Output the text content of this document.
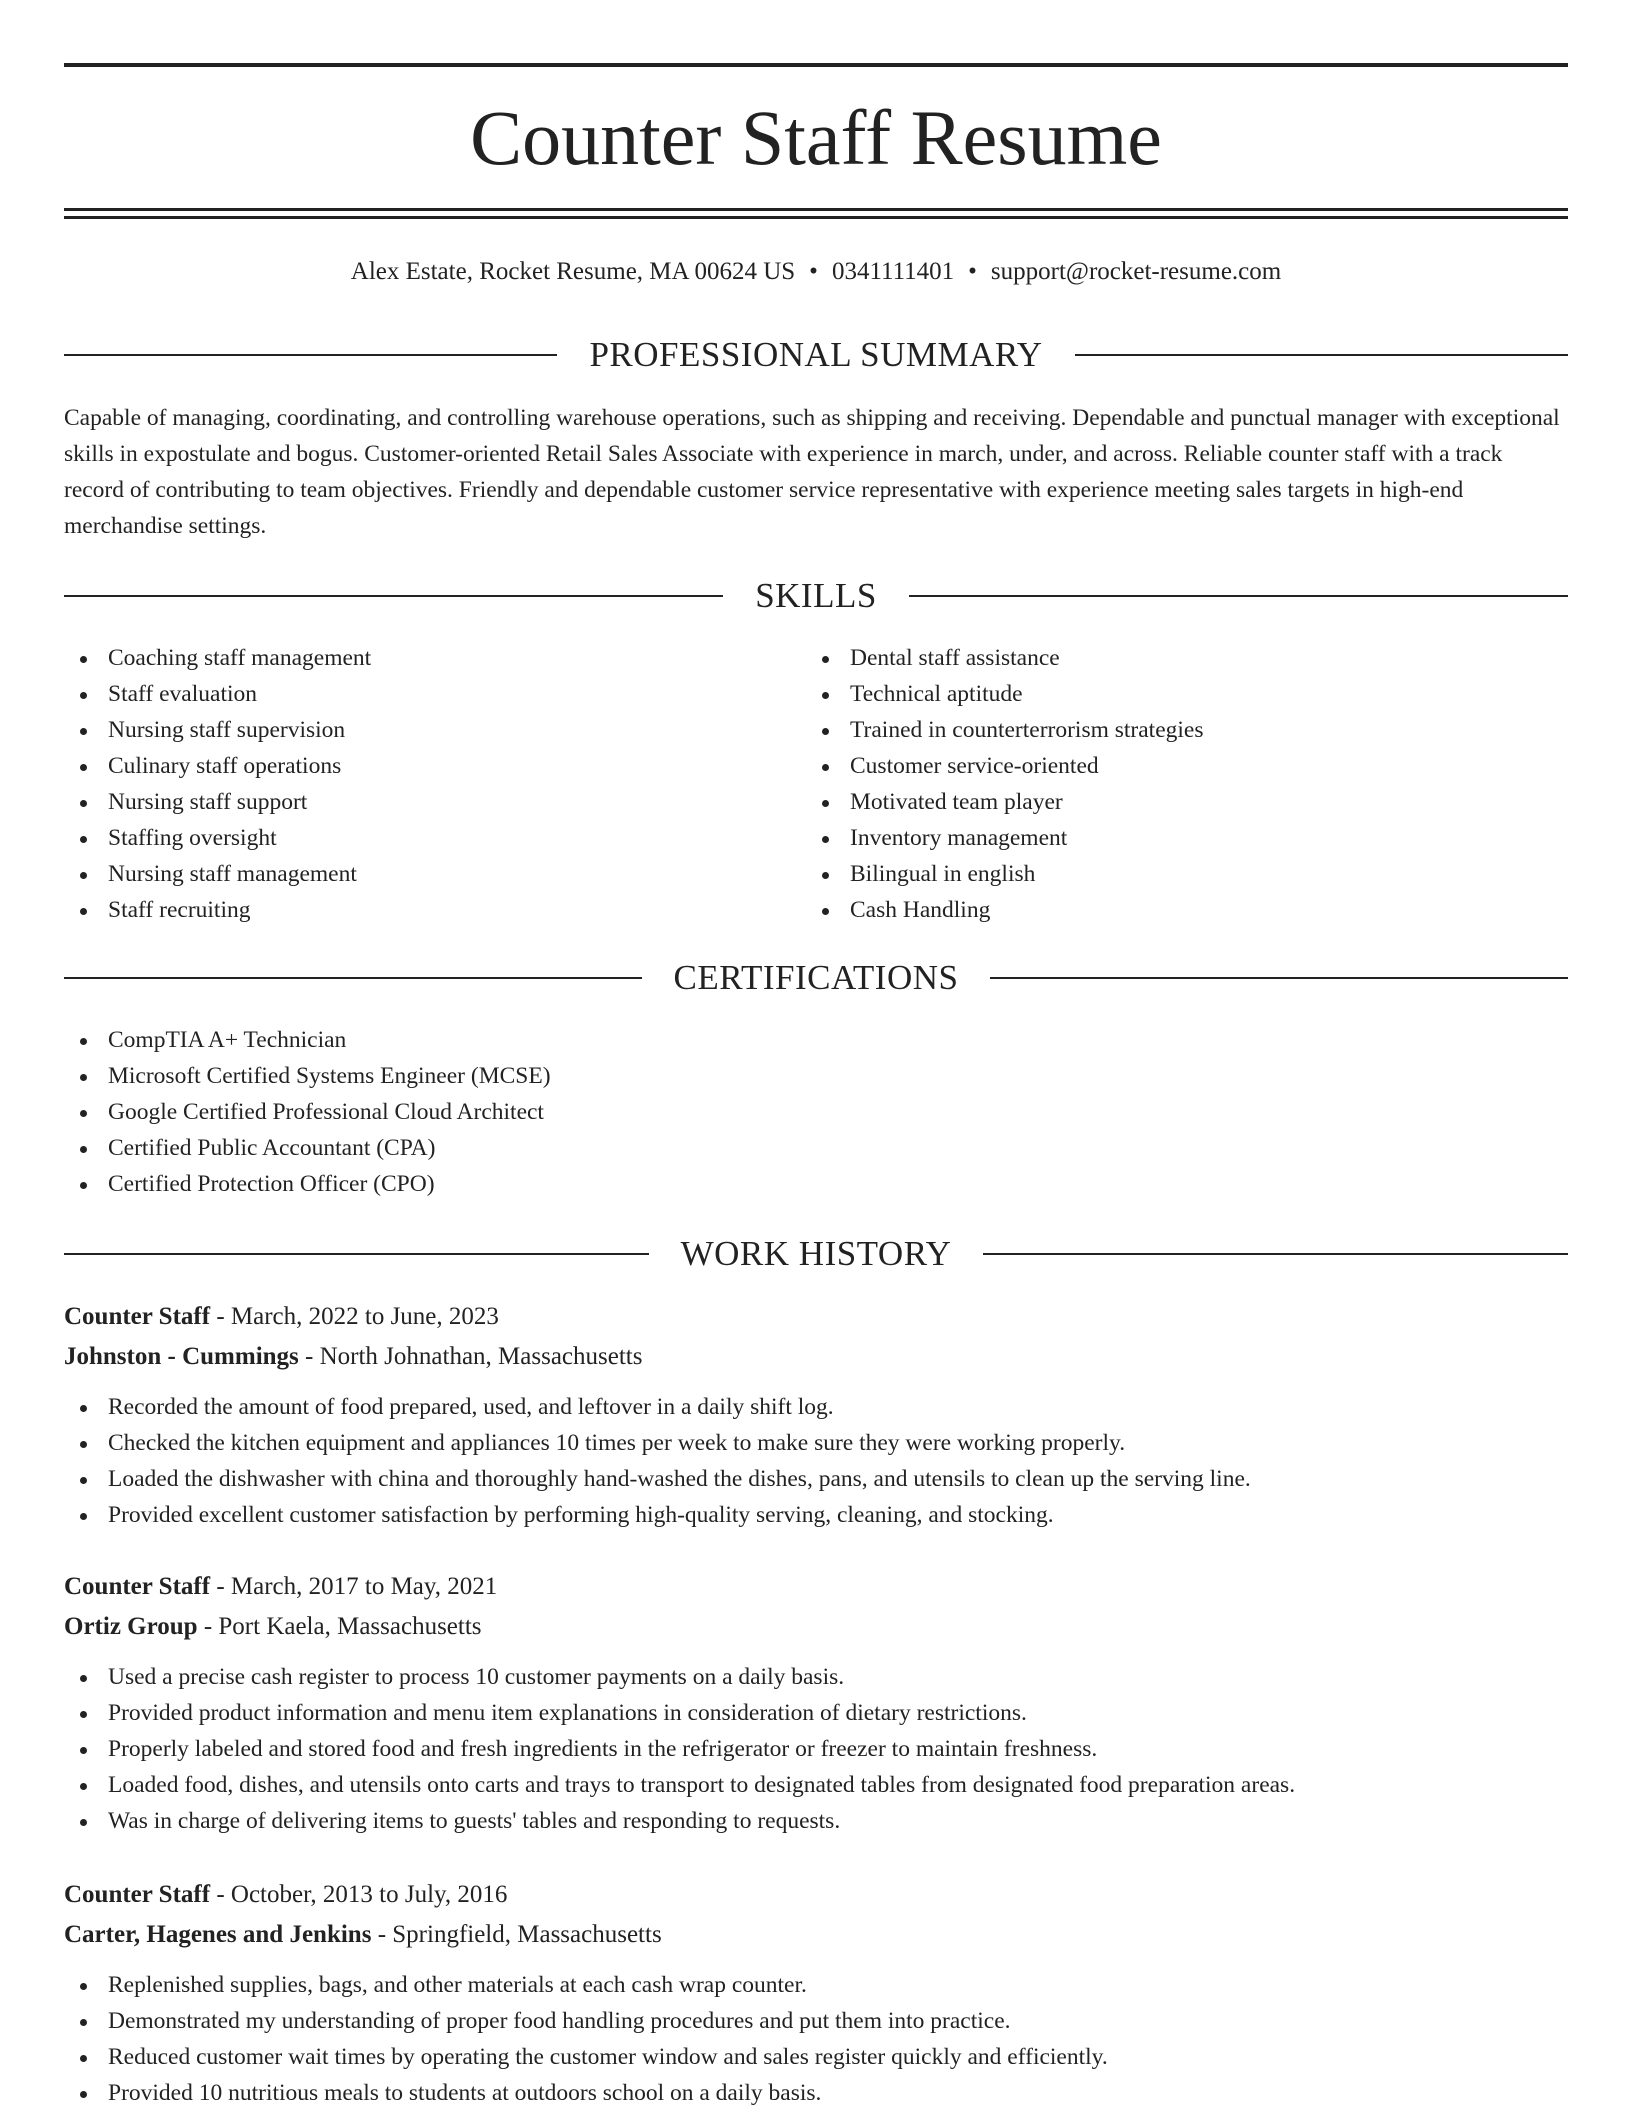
Counter Staff Resume
Alex Estate, Rocket Resume, MA 00624 US • 0341111401 • support@rocket-resume.com
PROFESSIONAL SUMMARY

Capable of managing, coordinating, and controlling warehouse operations, such as shipping and receiving. Dependable and punctual manager with exceptional skills in expostulate and bogus. Customer-oriented Retail Sales Associate with experience in march, under, and across. Reliable counter staff with a track record of contributing to team objectives. Friendly and dependable customer service representative with experience meeting sales targets in high-end merchandise settings.

SKILLS
Coaching staff management
Staff evaluation
Nursing staff supervision
Culinary staff operations
Nursing staff support
Staffing oversight
Nursing staff management
Staff recruiting
Dental staff assistance
Technical aptitude
Trained in counterterrorism strategies
Customer service-oriented
Motivated team player
Inventory management
Bilingual in english
Cash Handling
CERTIFICATIONS
CompTIA A+ Technician
Microsoft Certified Systems Engineer (MCSE)
Google Certified Professional Cloud Architect
Certified Public Accountant (CPA)
Certified Protection Officer (CPO)
WORK HISTORY
Counter Staff - March, 2022 to June, 2023
Johnston - Cummings - North Johnathan, Massachusetts
Recorded the amount of food prepared, used, and leftover in a daily shift log.
Checked the kitchen equipment and appliances 10 times per week to make sure they were working properly.
Loaded the dishwasher with china and thoroughly hand-washed the dishes, pans, and utensils to clean up the serving line.
Provided excellent customer satisfaction by performing high-quality serving, cleaning, and stocking.
Counter Staff - March, 2017 to May, 2021
Ortiz Group - Port Kaela, Massachusetts
Used a precise cash register to process 10 customer payments on a daily basis.
Provided product information and menu item explanations in consideration of dietary restrictions.
Properly labeled and stored food and fresh ingredients in the refrigerator or freezer to maintain freshness.
Loaded food, dishes, and utensils onto carts and trays to transport to designated tables from designated food preparation areas.
Was in charge of delivering items to guests' tables and responding to requests.
Counter Staff - October, 2013 to July, 2016
Carter, Hagenes and Jenkins - Springfield, Massachusetts
Replenished supplies, bags, and other materials at each cash wrap counter.
Demonstrated my understanding of proper food handling procedures and put them into practice.
Reduced customer wait times by operating the customer window and sales register quickly and efficiently.
Provided 10 nutritious meals to students at outdoors school on a daily basis.
